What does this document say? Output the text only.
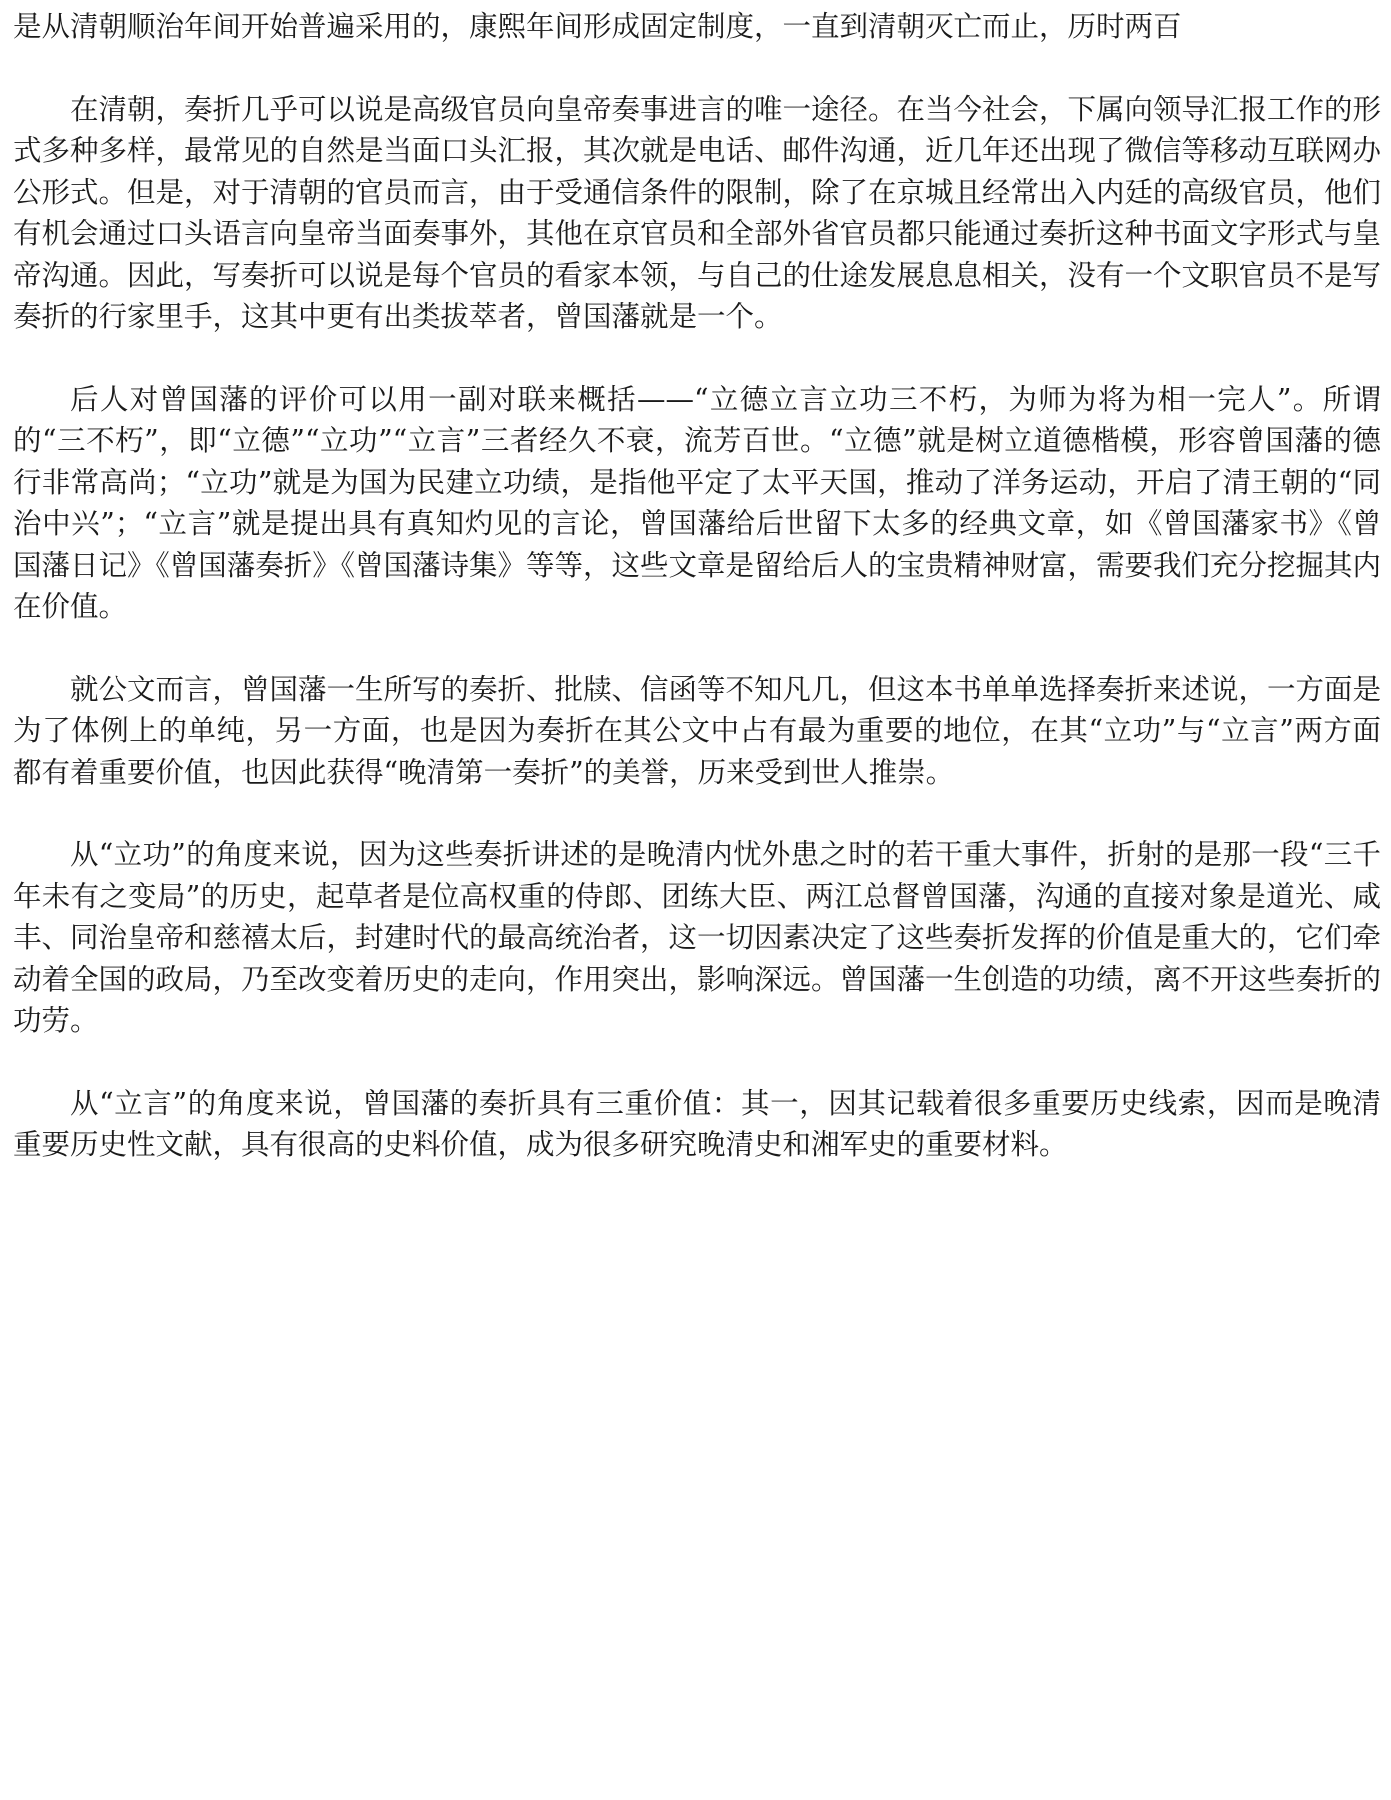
是从清朝顺治年间开始普遍采用的，康熙年间形成固定制度，一直到清朝灭亡而止，历时两百

在清朝，奏折几乎可以说是高级官员向皇帝奏事进言的唯一途径。在当今社会，下属向领导汇报工作的形式多种多样，最常见的自然是当面口头汇报，其次就是电话、邮件沟通，近几年还出现了微信等移动互联网办公形式。但是，对于清朝的官员而言，由于受通信条件的限制，除了在京城且经常出入内廷的高级官员，他们有机会通过口头语言向皇帝当面奏事外，其他在京官员和全部外省官员都只能通过奏折这种书面文字形式与皇帝沟通。因此，写奏折可以说是每个官员的看家本领，与自己的仕途发展息息相关，没有一个文职官员不是写奏折的行家里手，这其中更有出类拔萃者，曾国藩就是一个。

后人对曾国藩的评价可以用一副对联来概括——“立德立言立功三不朽，为师为将为相一完人”。所谓的“三不朽”，即“立德”“立功”“立言”三者经久不衰，流芳百世。“立德”就是树立道德楷模，形容曾国藩的德行非常高尚；“立功”就是为国为民建立功绩，是指他平定了太平天国，推动了洋务运动，开启了清王朝的“同治中兴”；“立言”就是提出具有真知灼见的言论，曾国藩给后世留下太多的经典文章，如《曾国藩家书》《曾国藩日记》《曾国藩奏折》《曾国藩诗集》等等，这些文章是留给后人的宝贵精神财富，需要我们充分挖掘其内在价值。

就公文而言，曾国藩一生所写的奏折、批牍、信函等不知凡几，但这本书单单选择奏折来述说，一方面是为了体例上的单纯，另一方面，也是因为奏折在其公文中占有最为重要的地位，在其“立功”与“立言”两方面都有着重要价值，也因此获得“晚清第一奏折”的美誉，历来受到世人推崇。

从“立功”的角度来说，因为这些奏折讲述的是晚清内忧外患之时的若干重大事件，折射的是那一段“三千年未有之变局”的历史，起草者是位高权重的侍郎、团练大臣、两江总督曾国藩，沟通的直接对象是道光、咸丰、同治皇帝和慈禧太后，封建时代的最高统治者，这一切因素决定了这些奏折发挥的价值是重大的，它们牵动着全国的政局，乃至改变着历史的走向，作用突出，影响深远。曾国藩一生创造的功绩，离不开这些奏折的功劳。

从“立言”的角度来说，曾国藩的奏折具有三重价值：其一，因其记载着很多重要历史线索，因而是晚清重要历史性文献，具有很高的史料价值，成为很多研究晚清史和湘军史的重要材料。
